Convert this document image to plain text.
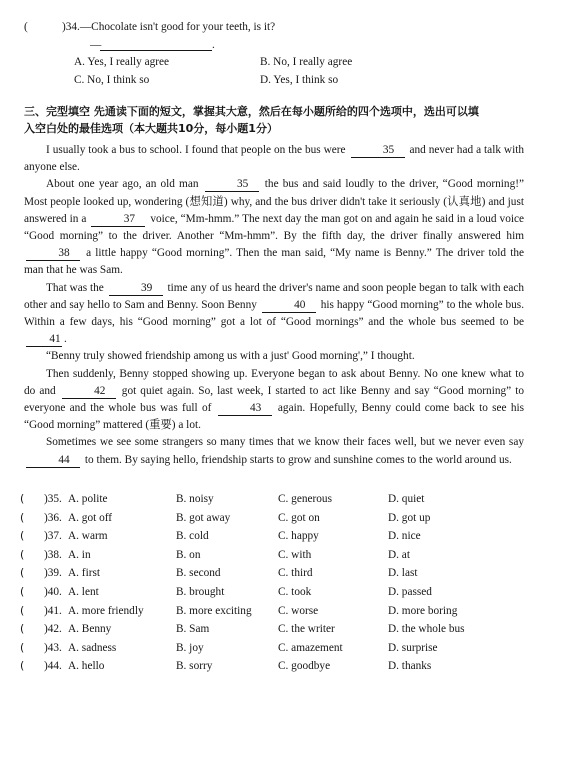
(	)34.—Chocolate isn't good for your teeth, is it?
—	.
A. Yes, I really agree	B. No, I really agree
C. No, I think so	D. Yes, I think so
三、完型填空 先通读下面的短文，掌握其大意，然后在每小题所给的四个选项中，选出可以填
入空白处的最佳选项（本大题共10分，每小题1分）

I usually took a bus to school. I found that people on the bus were	35 and never had a talk with anyone else.

About one year ago, an old man	35 the bus and said loudly to the driver, “Good morning!” Most people looked up, wondering (想知道) why, and the bus driver didn't take it seriously (认真地) and just answered in a	37 voice, “Mm-hmm.” The next day the man got on and again he said in a loud voice “Good morning” to the driver. Another “Mm-hmm”. By the fifth day, the driver finally answered him 38 a little happy “Good morning”. Then the man said, “My name is Benny.” The driver told the man that he was Sam.

That was the	39 time any of us heard the driver's name and soon people began to talk with each other and say hello to Sam and Benny. Soon Benny	40 his happy “Good morning” to the whole bus. Within a few days, his “Good morning” got a lot of “Good mornings” and the whole bus seemed to be 41 .

“Benny truly showed friendship among us with a just' Good morning',” I thought.

Then suddenly, Benny stopped showing up. Everyone began to ask about Benny. No one knew what to do and	42 got quiet again. So, last week, I started to act like Benny and say “Good morning” to everyone and the whole bus was full of	43 again. Hopefully, Benny could come back to see his “Good morning” mattered (重要) a lot.

Sometimes we see some strangers so many times that we know their faces well, but we never even say 44 to them. By saying hello, friendship starts to grow and sunshine comes to the world around us.

(	)35. A. polite	B. noisy	C. generous	D. quiet
(	)36. A. got off	B. got away	C. got on	D. got up
(	)37. A. warm	B. cold	C. happy	D. nice
(	)38. A. in	B. on	C. with	D. at
(	)39. A. first	B. second	C. third	D. last
(	)40. A. lent	B. brought	C. took	D. passed
(	)41. A. more friendly	B. more exciting	C. worse	D. more boring
(	)42. A. Benny	B. Sam	C. the writer	D. the whole bus
(	)43. A. sadness	B. joy	C. amazement	D. surprise
(	)44. A. hello	B. sorry	C. goodbye	D. thanks
